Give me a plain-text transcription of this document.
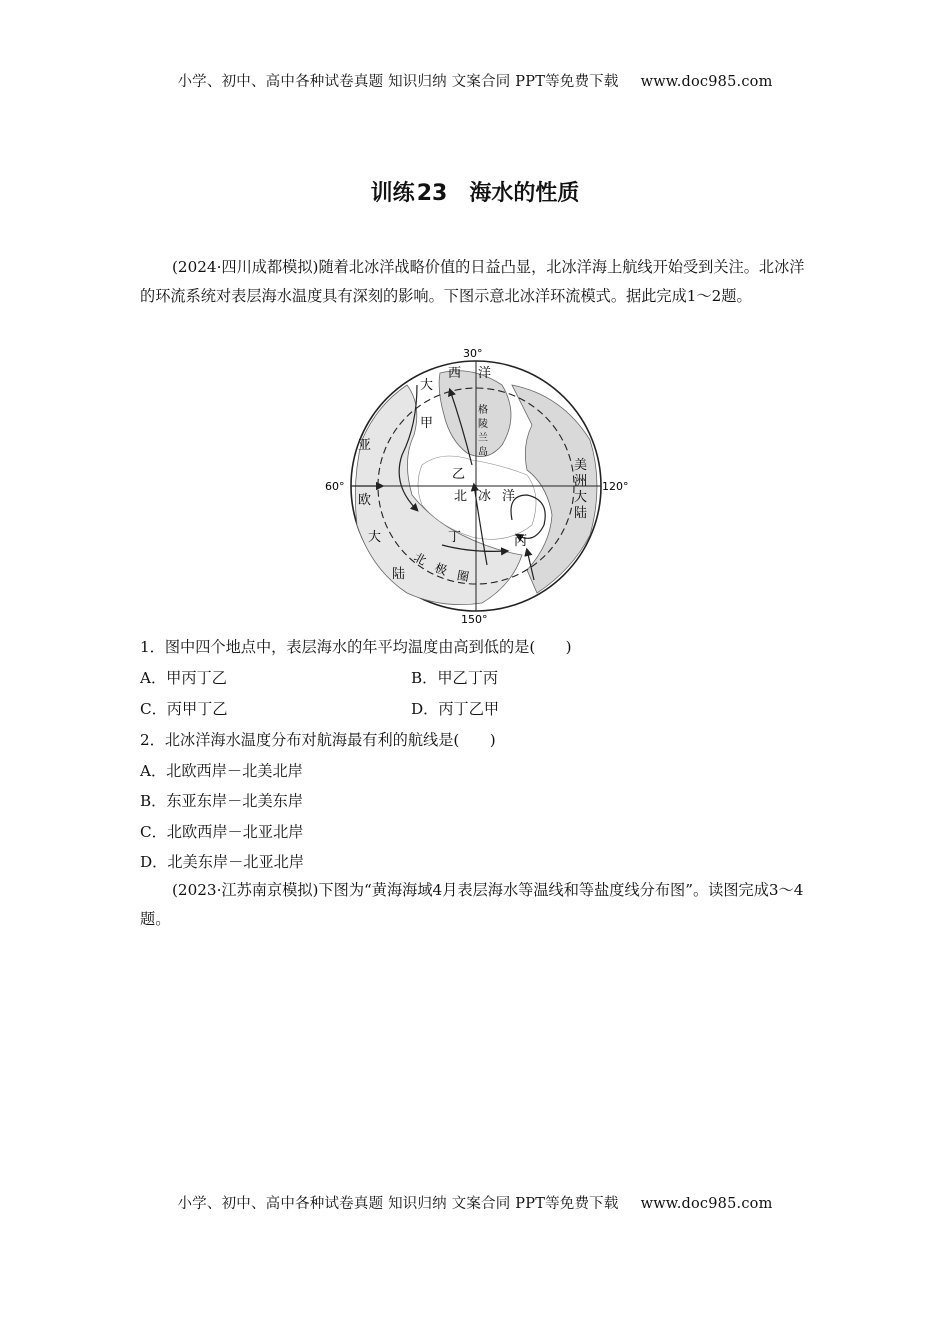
小学、初中、高中各种试卷真题 知识归纳 文案合同 PPT等免费下载 www.doc985.com
训练23 海水的性质
(2024·四川成都模拟)随着北冰洋战略价值的日益凸显，北冰洋海上航线开始受到关注。北冰洋的环流系统对表层海水温度具有深刻的影响。下图示意北冰洋环流模式。据此完成1～2题。
30°
60°	120°
150°
大
西 洋
甲
格
陵
兰
岛
亚
欧
大
陆
乙
北 冰 洋
丁	丙
美
洲
大
陆
北
极 圈
1．图中四个地点中，表层海水的年平均温度由高到低的是(　　)
A．甲丙丁乙	B．甲乙丁丙
C．丙甲丁乙	D．丙丁乙甲
2．北冰洋海水温度分布对航海最有利的航线是(　　)
A．北欧西岸－北美北岸
B．东亚东岸－北美东岸
C．北欧西岸－北亚北岸
D．北美东岸－北亚北岸
(2023·江苏南京模拟)下图为“黄海海域4月表层海水等温线和等盐度线分布图”。读图完成3～4题。
小学、初中、高中各种试卷真题 知识归纳 文案合同 PPT等免费下载 www.doc985.com
